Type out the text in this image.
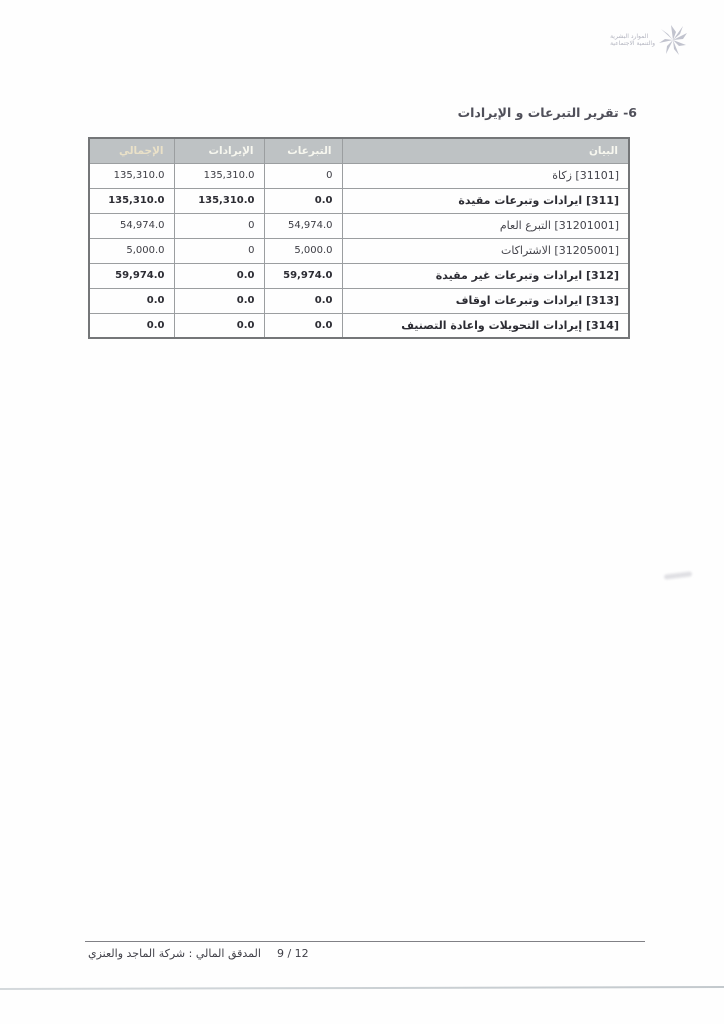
الموارد البشرية
والتنمية الاجتماعية
6- تقرير التبرعات و الإيرادات
البيان	التبرعات	الإيرادات	الإجمالي
[31101] زكاة	0	135,310.0	135,310.0
[311] ايرادات وتبرعات مقيدة	0.0	135,310.0	135,310.0
[31201001] التبرع العام	54,974.0	0	54,974.0
[31205001] الاشتراكات	5,000.0	0	5,000.0
[312] ايرادات وتبرعات غير مقيدة	59,974.0	0.0	59,974.0
[313] ايرادات وتبرعات اوقاف	0.0	0.0	0.0
[314] إيرادات التحويلات واعادة التصنيف	0.0	0.0	0.0
المدقق المالي : شركة الماجد والعنزي 9 / 12
